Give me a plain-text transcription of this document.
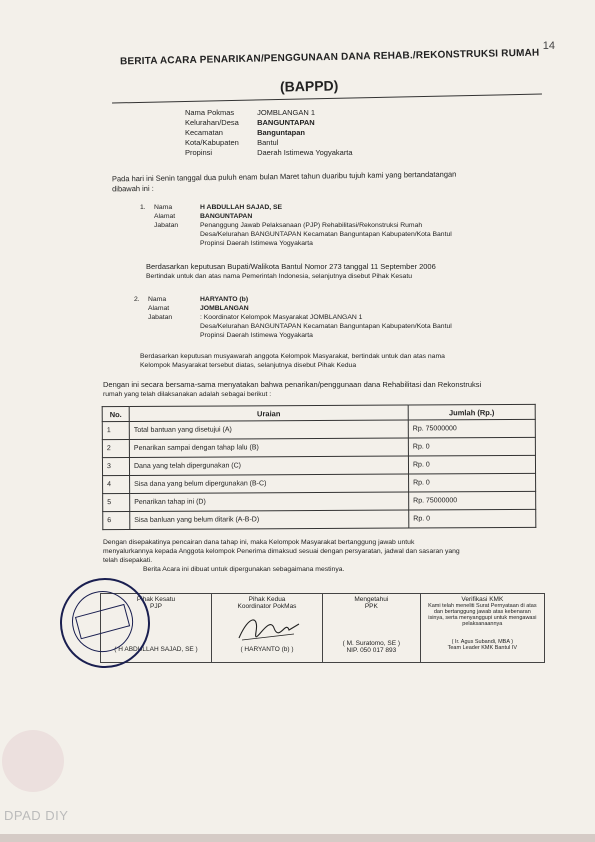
14
BERITA ACARA PENARIKAN/PENGGUNAAN DANA REHAB./REKONSTRUKSI RUMAH
(BAPPD)
Nama Pokmas	JOMBLANGAN 1
Kelurahan/Desa BANGUNTAPAN
Kecamatan	Banguntapan
Kota/Kabupaten Bantul
Propinsi	Daerah Istimewa Yogyakarta
Pada hari ini Senin tanggal dua puluh enam bulan Maret tahun duaribu tujuh kami yang bertandatangan
dibawah ini :
1. Nama	H ABDULLAH SAJAD, SE
Alamat	BANGUNTAPAN
Jabatan	Penanggung Jawab Pelaksanaan (PJP) Rehabilitasi/Rekonstruksi Rumah
Desa/Kelurahan BANGUNTAPAN Kecamatan Banguntapan Kabupaten/Kota Bantul
Propinsi Daerah Istimewa Yogyakarta
Berdasarkan keputusan Bupati/Walikota Bantul Nomor 273 tanggal 11 September 2006
Bertindak untuk dan atas nama Pemerintah Indonesia, selanjutnya disebut Pihak Kesatu
2. Nama	HARYANTO (b)
Alamat	JOMBLANGAN
Jabatan	: Koordinator Kelompok Masyarakat JOMBLANGAN 1
Desa/Kelurahan BANGUNTAPAN Kecamatan Banguntapan Kabupaten/Kota Bantul
Propinsi Daerah Istimewa Yogyakarta
Berdasarkan keputusan musyawarah anggota Kelompok Masyarakat, bertindak untuk dan atas nama
Kelompok Masyarakat tersebut diatas, selanjutnya disebut Pihak Kedua
Dengan ini secara bersama-sama menyatakan bahwa penarikan/penggunaan dana Rehabilitasi dan Rekonstruksi
rumah yang telah dilaksanakan adalah sebagai berikut :
No.	Uraian	Jumlah (Rp.)
1	Total bantuan yang disetujui (A)	Rp. 75000000
2	Penarikan sampai dengan tahap lalu (B)	Rp. 0
3	Dana yang telah dipergunakan (C)	Rp. 0
4	Sisa dana yang belum dipergunakan (B-C)	Rp. 0
5	Penarikan tahap ini (D)	Rp. 75000000
6	Sisa banluan yang belum ditarik (A-B-D)	Rp. 0
Dengan disepakatinya pencairan dana tahap ini, maka Kelompok Masyarakat bertanggung jawab untuk
menyalurkannya kepada Anggota kelompok Penerima dimaksud sesuai dengan persyaratan, jadwal dan sasaran yang
telah disepakati.
Berita Acara ini dibuat untuk dipergunakan sebagaimana mestinya.
Pihak Kesatu
PJP
( H ABDULLAH SAJAD, SE )

Pihak Kedua
Koordinator PokMas
( HARYANTO (b) )

Mengetahui
PPK
( M. Suratomo, SE )
NIP. 050 017 893

Verifikasi KMK
Kami telah meneliti Surat Pernyataan di atas
dan bertanggung jawab atas kebenaran
isinya, serta menyanggupi untuk mengawasi
pelaksanaannya
( Ir. Agus Subandi, MBA )
Team Leader KMK Bantul IV
DPAD DIY
